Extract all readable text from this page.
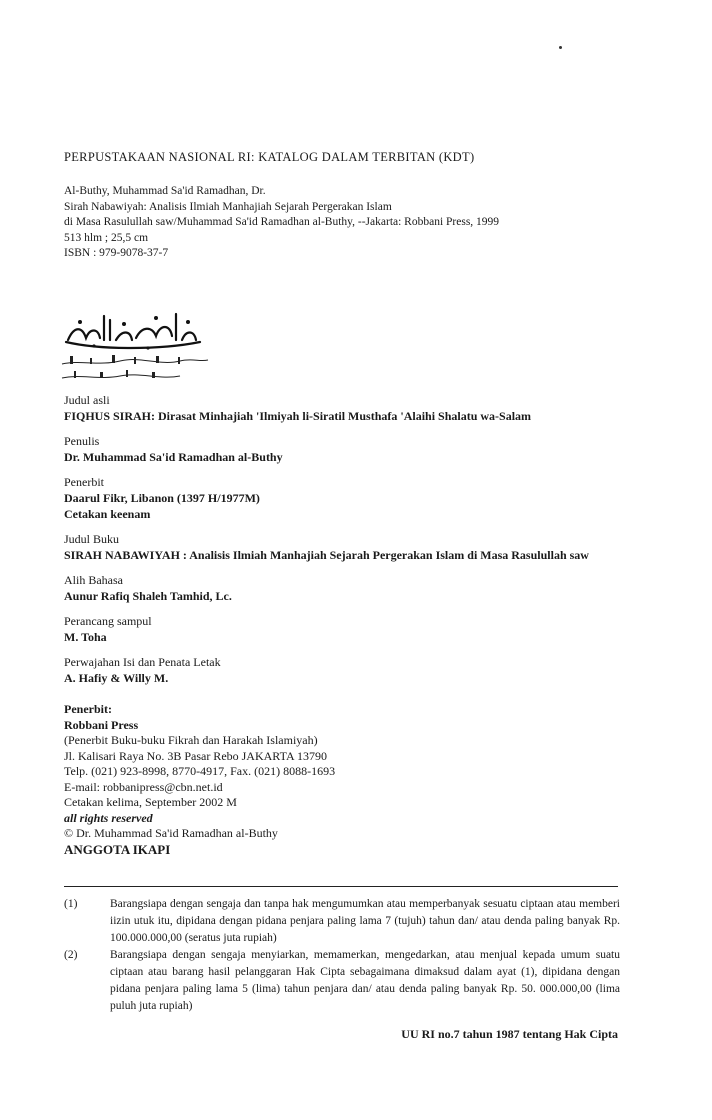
PERPUSTAKAAN NASIONAL RI: KATALOG DALAM TERBITAN (KDT)
Al-Buthy, Muhammad Sa'id Ramadhan, Dr.
Sirah Nabawiyah: Analisis Ilmiah Manhajiah Sejarah Pergerakan Islam
di Masa Rasulullah saw/Muhammad Sa'id Ramadhan al-Buthy, --Jakarta: Robbani Press, 1999
513 hlm ; 25,5 cm
ISBN : 979-9078-37-7
Judul asli
FIQHUS SIRAH: Dirasat Minhajiah 'Ilmiyah li-Siratil Musthafa 'Alaihi Shalatu wa-Salam
Penulis
Dr. Muhammad Sa'id Ramadhan al-Buthy
Penerbit
Daarul Fikr, Libanon (1397 H/1977M)
Cetakan keenam
Judul Buku
SIRAH NABAWIYAH : Analisis Ilmiah Manhajiah Sejarah Pergerakan Islam di Masa Rasulullah saw
Alih Bahasa
Aunur Rafiq Shaleh Tamhid, Lc.
Perancang sampul
M. Toha
Perwajahan Isi dan Penata Letak
A. Hafiy & Willy M.
Penerbit:
Robbani Press
(Penerbit Buku-buku Fikrah dan Harakah Islamiyah)
Jl. Kalisari Raya No. 3B Pasar Rebo JAKARTA 13790
Telp. (021) 923-8998, 8770-4917, Fax. (021) 8088-1693
E-mail: robbanipress@cbn.net.id
Cetakan kelima, September 2002 M
all rights reserved
© Dr. Muhammad Sa'id Ramadhan al-Buthy
ANGGOTA IKAPI
(1)	Barangsiapa dengan sengaja dan tanpa hak mengumumkan atau memperbanyak sesuatu ciptaan atau memberi iizin utuk itu, dipidana dengan pidana penjara paling lama 7 (tujuh) tahun dan/ atau denda paling banyak Rp. 100.000.000,00 (seratus juta rupiah)
(2)	Barangsiapa dengan sengaja menyiarkan, memamerkan, mengedarkan, atau menjual kepada umum suatu ciptaan atau barang hasil pelanggaran Hak Cipta sebagaimana dimaksud dalam ayat (1), dipidana dengan pidana penjara paling lama 5 (lima) tahun penjara dan/ atau denda paling banyak Rp. 50. 000.000,00 (lima puluh juta rupiah)
UU RI no.7 tahun 1987 tentang Hak Cipta
